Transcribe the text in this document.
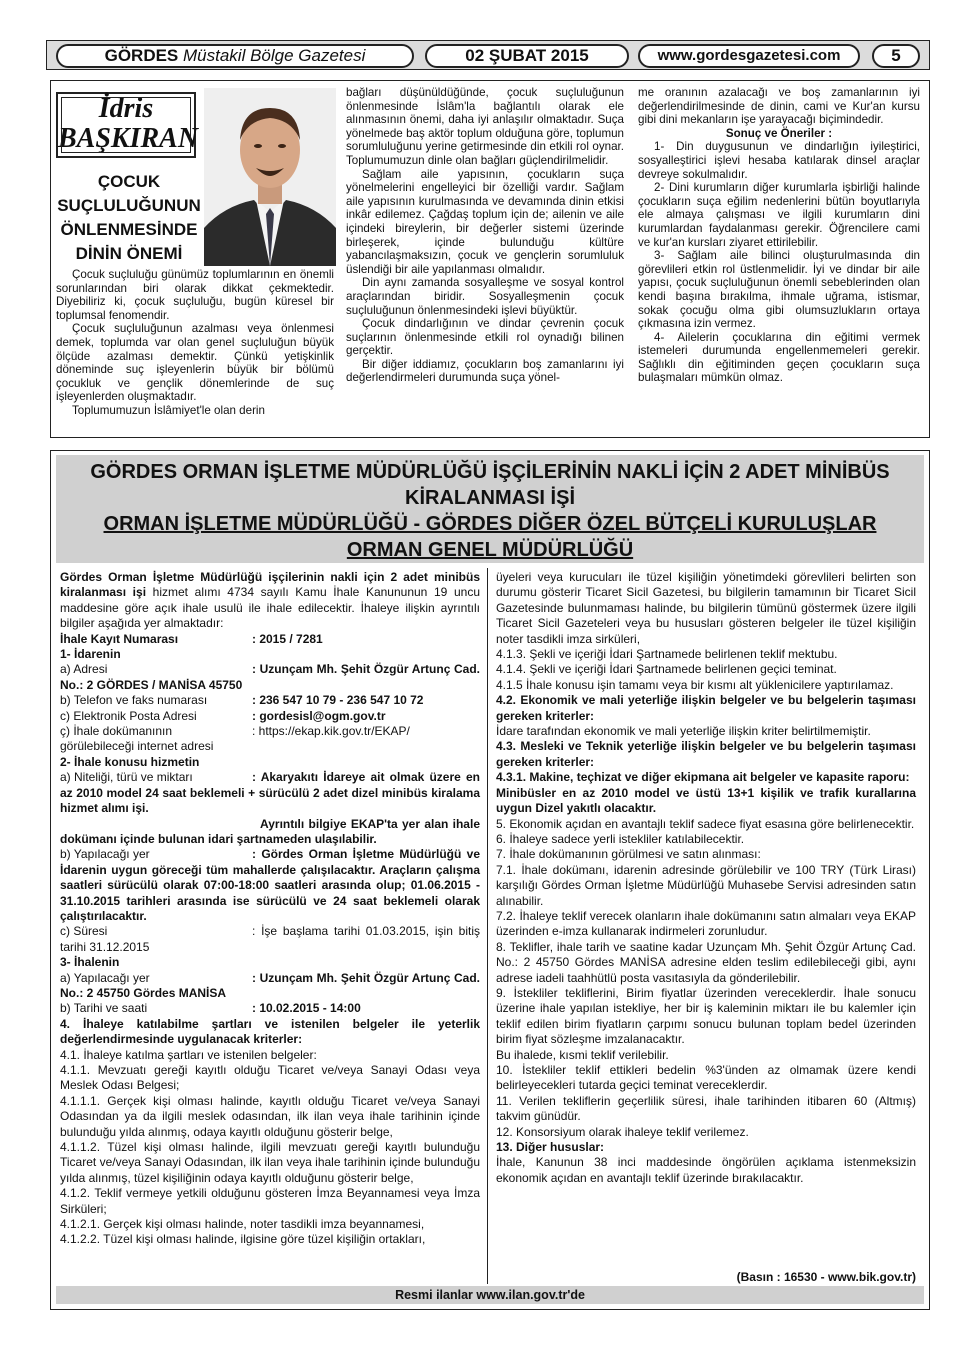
GÖRDES Müstakil Bölge Gazetesi	02 ŞUBAT 2015	www.gordesgazetesi.com	5
İdris
BAŞKIRAN
ÇOCUK
SUÇLULUĞUNUN
ÖNLENMESİNDE
DİNİN ÖNEMİ

Çocuk suçluluğu günümüz toplumlarının en önemli sorunlarından biri olarak dikkat çekmektedir. Diyebiliriz ki, çocuk suçluluğu, bugün küresel bir toplumsal fenomendir.

Çocuk suçluluğunun azalması veya önlenmesi demek, toplumda var olan genel suçluluğun büyük ölçüde azalması demektir. Çünkü yetişkinlik döneminde suç işleyenlerin büyük bir bölümü çocukluk ve gençlik dönemlerinde de suç işleyenlerden oluşmaktadır.

Toplumumuzun İslâmiyet'le olan derin

bağları düşünüldüğünde, çocuk suçluluğunun önlenmesinde İslâm'la bağlantılı olarak ele alınmasının önemi, daha iyi anlaşılır olmaktadır. Suça yönelmede baş aktör toplum olduğuna göre, toplumun sorumluluğunu yerine getirmesinde din etkili rol oynar. Toplumumuzun dinle olan bağları güçlendirilmelidir.

Sağlam aile yapısının, çocukların suça yönelmelerini engelleyici bir özelliği vardır. Sağlam aile yapısının kurulmasında ve devamında dinin etkisi inkâr edilemez. Çağdaş toplum için de; ailenin ve aile içindeki bireylerin, bir değerler sistemi üzerinde birleşerek, içinde bulunduğu kültüre yabancılaşmaksızın, çocuk ve gençlerin sorumluluk üslendiği bir aile yapılanması olmalıdır.

Din aynı zamanda sosyalleşme ve sosyal kontrol araçlarından biridir. Sosyalleşmenin çocuk suçluluğunun önlenmesindeki işlevi büyüktür.

Çocuk dindarlığının ve dindar çevrenin çocuk suçlarının önlenmesinde etkili rol oynadığı bilinen gerçektir.

Bir diğer iddiamız, çocukların boş zamanlarını iyi değerlendirmeleri durumunda suça yönel-

me oranının azalacağı ve boş zamanlarının iyi değerlendirilmesinde de dinin, cami ve Kur'an kursu gibi dini mekanların işe yarayacağı biçimindedir.

Sonuç ve Öneriler :

1- Din duygusunun ve dindarlığın iyileştirici, sosyalleştirici işlevi hesaba katılarak dinsel araçlar devreye sokulmalıdır.

2- Dini kurumların diğer kurumlarla işbirliği halinde çocukların suça eğilim nedenlerini bütün boyutlarıyla ele almaya çalışması ve ilgili kurumların dini kurumlardan faydalanması gerekir. Öğrencilere cami ve kur'an kursları ziyaret ettirilebilir.

3- Sağlam aile bilinci oluşturulmasında din görevlileri etkin rol üstlenmelidir. İyi ve dindar bir aile yapısı, çocuk suçluluğunun önemli sebeblerinden olan kendi başına bırakılma, ihmale uğrama, istismar, sokak çocuğu olma gibi olumsuzlukların ortaya çıkmasına izin vermez.

4- Ailelerin çocuklarına din eğitimi vermek istemeleri durumunda engellenmemeleri gerekir. Sağlıklı din eğitiminden geçen çocukların suça bulaşmaları mümkün olmaz.

GÖRDES ORMAN İŞLETME MÜDÜRLÜĞÜ İŞÇİLERİNİN NAKLİ İÇİN 2 ADET MİNİBÜS
KİRALANMASI İŞİ
ORMAN İŞLETME MÜDÜRLÜĞÜ - GÖRDES DİĞER ÖZEL BÜTÇELİ KURULUŞLAR
ORMAN GENEL MÜDÜRLÜĞÜ

Gördes Orman İşletme Müdürlüğü işçilerinin nakli için 2 adet minibüs kiralanması işi hizmet alımı 4734 sayılı Kamu İhale Kanununun 19 uncu maddesine göre açık ihale usulü ile ihale edilecektir. İhaleye ilişkin ayrıntılı bilgiler aşağıda yer almaktadır:

İhale Kayıt Numarası	: 2015 / 7281

1- İdarenin

a) Adresi	: Uzunçam Mh. Şehit Özgür Artunç Cad. No.: 2 GÖRDES / MANİSA 45750

b) Telefon ve faks numarası	: 236 547 10 79 - 236 547 10 72

c) Elektronik Posta Adresi	: gordesisl@ogm.gov.tr

ç) İhale dokümanının	: https://ekap.kik.gov.tr/EKAP/
görülebileceği internet adresi

2- İhale konusu hizmetin

a) Niteliği, türü ve miktarı	: Akaryakıtı İdareye ait olmak üzere en az 2010 model 24 saat beklemeli + sürücülü 2 adet dizel minibüs kiralama hizmet alımı işi.

Ayrıntılı bilgiye EKAP'ta yer alan ihale dokümanı içinde bulunan idari şartnameden ulaşılabilir.

b) Yapılacağı yer	: Gördes Orman İşletme Müdürlüğü ve İdarenin uygun göreceği tüm mahallerde çalışılacaktır. Araçların çalışma saatleri sürücülü olarak 07:00-18:00 saatleri arasında olup; 01.06.2015 - 31.10.2015 tarihleri arasında ise sürücülü ve 24 saat beklemeli olarak çalıştırılacaktır.

c) Süresi	: İşe başlama tarihi 01.03.2015, işin bitiş tarihi 31.12.2015

3- İhalenin

a) Yapılacağı yer	: Uzunçam Mh. Şehit Özgür Artunç Cad. No.: 2 45750 Gördes MANİSA

b) Tarihi ve saati	: 10.02.2015 - 14:00

4. İhaleye katılabilme şartları ve istenilen belgeler ile yeterlik değerlendirmesinde uygulanacak kriterler:

4.1. İhaleye katılma şartları ve istenilen belgeler:

4.1.1. Mevzuatı gereği kayıtlı olduğu Ticaret ve/veya Sanayi Odası veya Meslek Odası Belgesi;

4.1.1.1. Gerçek kişi olması halinde, kayıtlı olduğu Ticaret ve/veya Sanayi Odasından ya da ilgili meslek odasından, ilk ilan veya ihale tarihinin içinde bulunduğu yılda alınmış, odaya kayıtlı olduğunu gösterir belge,

4.1.1.2. Tüzel kişi olması halinde, ilgili mevzuatı gereği kayıtlı bulunduğu Ticaret ve/veya Sanayi Odasından, ilk ilan veya ihale tarihinin içinde bulunduğu yılda alınmış, tüzel kişiliğinin odaya kayıtlı olduğunu gösterir belge,

4.1.2. Teklif vermeye yetkili olduğunu gösteren İmza Beyannamesi veya İmza Sirküleri;

4.1.2.1. Gerçek kişi olması halinde, noter tasdikli imza beyannamesi,

4.1.2.2. Tüzel kişi olması halinde, ilgisine göre tüzel kişiliğin ortakları,

üyeleri veya kurucuları ile tüzel kişiliğin yönetimdeki görevlileri belirten son durumu gösterir Ticaret Sicil Gazetesi, bu bilgilerin tamamının bir Ticaret Sicil Gazetesinde bulunmaması halinde, bu bilgilerin tümünü göstermek üzere ilgili Ticaret Sicil Gazeteleri veya bu hususları gösteren belgeler ile tüzel kişiliğin noter tasdikli imza sirküleri,

4.1.3. Şekli ve içeriği İdari Şartnamede belirlenen teklif mektubu.

4.1.4. Şekli ve içeriği İdari Şartnamede belirlenen geçici teminat.

4.1.5 İhale konusu işin tamamı veya bir kısmı alt yüklenicilere yaptırılamaz.

4.2. Ekonomik ve mali yeterliğe ilişkin belgeler ve bu belgelerin taşıması gereken kriterler:

İdare tarafından ekonomik ve mali yeterliğe ilişkin kriter belirtilmemiştir.

4.3. Mesleki ve Teknik yeterliğe ilişkin belgeler ve bu belgelerin taşıması gereken kriterler:

4.3.1. Makine, teçhizat ve diğer ekipmana ait belgeler ve kapasite raporu:

Minibüsler en az 2010 model ve üstü 13+1 kişilik ve trafik kurallarına uygun Dizel yakıtlı olacaktır.

5. Ekonomik açıdan en avantajlı teklif sadece fiyat esasına göre belirlenecektir.

6. İhaleye sadece yerli istekliler katılabilecektir.

7. İhale dokümanının görülmesi ve satın alınması:

7.1. İhale dokümanı, idarenin adresinde görülebilir ve 100 TRY (Türk Lirası) karşılığı Gördes Orman İşletme Müdürlüğü Muhasebe Servisi adresinden satın alınabilir.

7.2. İhaleye teklif verecek olanların ihale dokümanını satın almaları veya EKAP üzerinden e-imza kullanarak indirmeleri zorunludur.

8. Teklifler, ihale tarih ve saatine kadar Uzunçam Mh. Şehit Özgür Artunç Cad. No.: 2 45750 Gördes MANİSA adresine elden teslim edilebileceği gibi, aynı adrese iadeli taahhütlü posta vasıtasıyla da gönderilebilir.

9. İstekliler tekliflerini, Birim fiyatlar üzerinden vereceklerdir. İhale sonucu üzerine ihale yapılan istekliye, her bir iş kaleminin miktarı ile bu kalemler için teklif edilen birim fiyatların çarpımı sonucu bulunan toplam bedel üzerinden birim fiyat sözleşme imzalanacaktır.

Bu ihalede, kısmi teklif verilebilir.

10. İstekliler teklif ettikleri bedelin %3'ünden az olmamak üzere kendi belirleyecekleri tutarda geçici teminat vereceklerdir.

11. Verilen tekliflerin geçerlilik süresi, ihale tarihinden itibaren 60 (Altmış) takvim günüdür.

12. Konsorsiyum olarak ihaleye teklif verilemez.

13. Diğer hususlar:

İhale, Kanunun 38 inci maddesinde öngörülen açıklama istenmeksizin ekonomik açıdan en avantajlı teklif üzerinde bırakılacaktır.

(Basın : 16530 - www.bik.gov.tr)
Resmi ilanlar www.ilan.gov.tr'de
